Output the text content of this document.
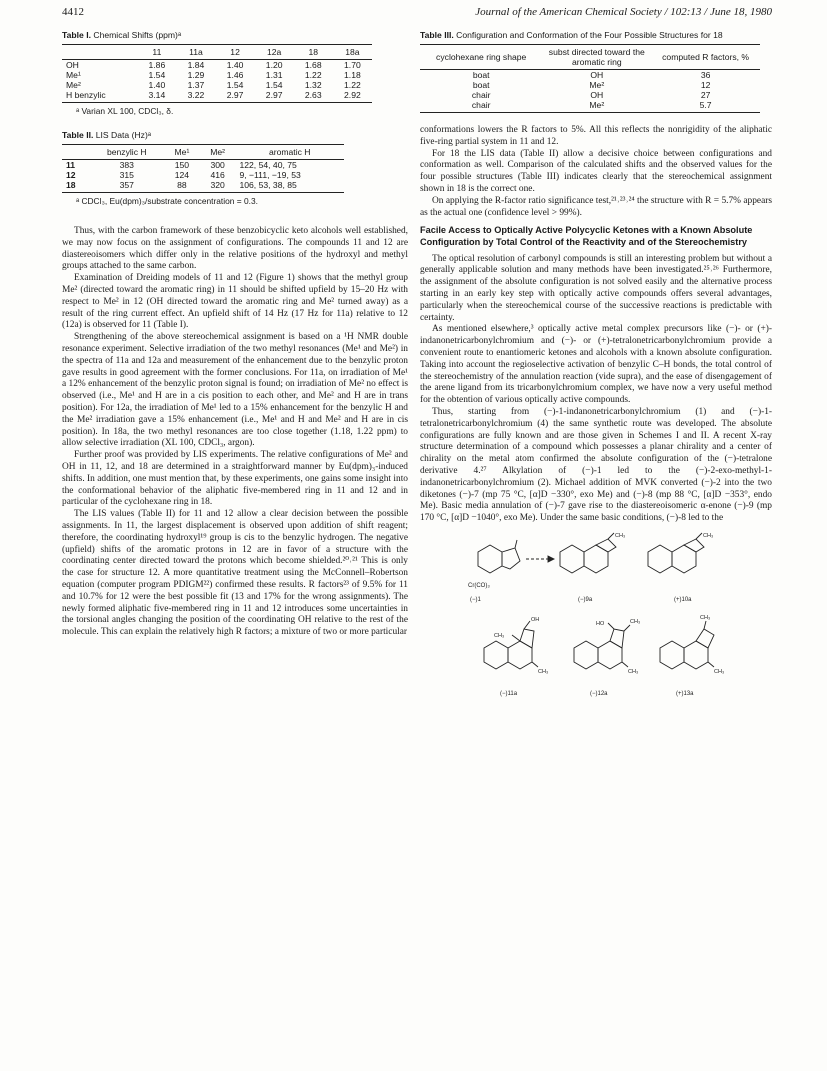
4412	Journal of the American Chemical Society / 102:13 / June 18, 1980
Table I. Chemical Shifts (ppm)ᵃ
	11	11a	12	12a	18	18a
OH	1.86	1.84	1.40	1.20	1.68	1.70
Me¹	1.54	1.29	1.46	1.31	1.22	1.18
Me²	1.40	1.37	1.54	1.54	1.32	1.22
H benzylic	3.14	3.22	2.97	2.97	2.63	2.92
ᵃ Varian XL 100, CDCl₃, δ.
Table II. LIS Data (Hz)ᵃ
	benzylic H	Me¹	Me²	aromatic H
11	383	150	300	122, 54, 40, 75
12	315	124	416	9, −111, −19, 53
18	357	88	320	106, 53, 38, 85
ᵃ CDCl₃, Eu(dpm)₃/substrate concentration = 0.3.

Thus, with the carbon framework of these benzobicyclic keto alcohols well established, we may now focus on the assignment of configurations. The compounds 11 and 12 are diastereoisomers which differ only in the relative positions of the hydroxyl and methyl groups attached to the same carbon.

Examination of Dreiding models of 11 and 12 (Figure 1) shows that the methyl group Me² (directed toward the aromatic ring) in 11 should be shifted upfield by 15–20 Hz with respect to Me² in 12 (OH directed toward the aromatic ring and Me² turned away) as a result of the ring current effect. An upfield shift of 14 Hz (17 Hz for 11a) relative to 12 (12a) is observed for 11 (Table I).

Strengthening of the above stereochemical assignment is based on a ¹H NMR double resonance experiment. Selective irradiation of the two methyl resonances (Me¹ and Me²) in the spectra of 11a and 12a and measurement of the enhancement due to the benzylic proton gave results in good agreement with the former conclusions. For 11a, on irradiation of Me¹ a 12% enhancement of the benzylic proton signal is found; on irradiation of Me² no effect is observed (i.e., Me¹ and H are in a cis position to each other, and Me² and H are in trans position). For 12a, the irradiation of Me¹ led to a 15% enhancement for the benzylic H and the Me² irradiation gave a 15% enhancement (i.e., Me¹ and H and Me² and H are in cis position). In 18a, the two methyl resonances are too close together (1.18, 1.22 ppm) to allow selective irradiation (XL 100, CDCl₃, argon).

Further proof was provided by LIS experiments. The relative configurations of Me² and OH in 11, 12, and 18 are determined in a straightforward manner by Eu(dpm)₃-induced shifts. In addition, one must mention that, by these experiments, one gains some insight into the conformational behavior of the aliphatic five-membered ring in 11 and 12 and in particular of the cyclohexane ring in 18.

The LIS values (Table II) for 11 and 12 allow a clear decision between the possible assignments. In 11, the largest displacement is observed upon addition of shift reagent; therefore, the coordinating hydroxyl¹⁹ group is cis to the benzylic hydrogen. The negative (upfield) shifts of the aromatic protons in 12 are in favor of a structure with the coordinating center directed toward the protons which become shielded.²⁰˒²¹ This is only the case for structure 12. A more quantitative treatment using the McConnell–Robertson equation (computer program PDIGM²²) confirmed these results. R factors²³ of 9.5% for 11 and 10.7% for 12 were the best possible fit (13 and 17% for the wrong assignments). The newly formed aliphatic five-membered ring in 11 and 12 introduces some uncertainties in the torsional angles changing the position of the coordinating OH relative to the rest of the molecule. This can explain the relatively high R factors; a mixture of two or more particular

Table III. Configuration and Conformation of the Four Possible Structures for 18
cyclohexane ring shape	subst directed toward the aromatic ring	computed R factors, %
boat	OH	36
boat	Me²	12
chair	OH	27
chair	Me²	5.7

conformations lowers the R factors to 5%. All this reflects the nonrigidity of the aliphatic five-ring partial system in 11 and 12.

For 18 the LIS data (Table II) allow a decisive choice between configurations and conformation as well. Comparison of the calculated shifts and the observed values for the four possible structures (Table III) indicates clearly that the stereochemical assignment shown in 18 is the correct one.

On applying the R-factor ratio significance test,²¹˒²³˒²⁴ the structure with R = 5.7% appears as the actual one (confidence level > 99%).

Facile Access to Optically Active Polycyclic Ketones with a Known Absolute Configuration by Total Control of the Reactivity and of the Stereochemistry

The optical resolution of carbonyl compounds is still an interesting problem but without a generally applicable solution and many methods have been investigated.²⁵˒²⁶ Furthermore, the assignment of the absolute configuration is not solved easily and the alternative process starting in an early key step with optically active compounds offers several advantages, particularly when the stereochemical course of the successive reactions is predictable with certainty.

As mentioned elsewhere,³ optically active metal complex precursors like (−)- or (+)-indanonetricarbonylchromium and (−)- or (+)-tetralonetricarbonylchromium provide a convenient route to enantiomeric ketones and alcohols with a known absolute configuration. Taking into account the regioselective activation of benzylic C–H bonds, the total control of the stereochemistry of the annulation reaction (vide supra), and the ease of disengagement of the arene ligand from its tricarbonylchromium complex, we have now a very useful method for the obtention of various optically active compounds.

Thus, starting from (−)-1-indanonetricarbonylchromium (1) and (−)-1-tetralonetricarbonylchromium (4) the same synthetic route was developed. The absolute configurations are fully known and are those given in Schemes I and II. A recent X-ray structure determination of a compound which possesses a planar chirality and a center of chirality on the metal atom confirmed the absolute configuration of the (−)-tetralone derivative 4.²⁷ Alkylation of (−)-1 led to the (−)-2-exo-methyl-1-indanonetricarbonylchromium (2). Michael addition of MVK converted (−)-2 into the two diketones (−)-7 (mp 75 °C, [α]D −330°, exo Me) and (−)-8 (mp 88 °C, [α]D −353°, endo Me). Basic media annulation of (−)-7 gave rise to the diastereoisomeric α-enone (−)-9 (mp 170 °C, [α]D −1040°, exo Me). Under the same basic conditions, (−)-8 led to the

Cr(CO)₃
(−)1
CH₃
(−)9a
CH₃
(+)10a
OH
CH₃
CH₃
(−)11a
HO	CH₃
CH₃
(−)12a
CH₃
CH₃
(+)13a
